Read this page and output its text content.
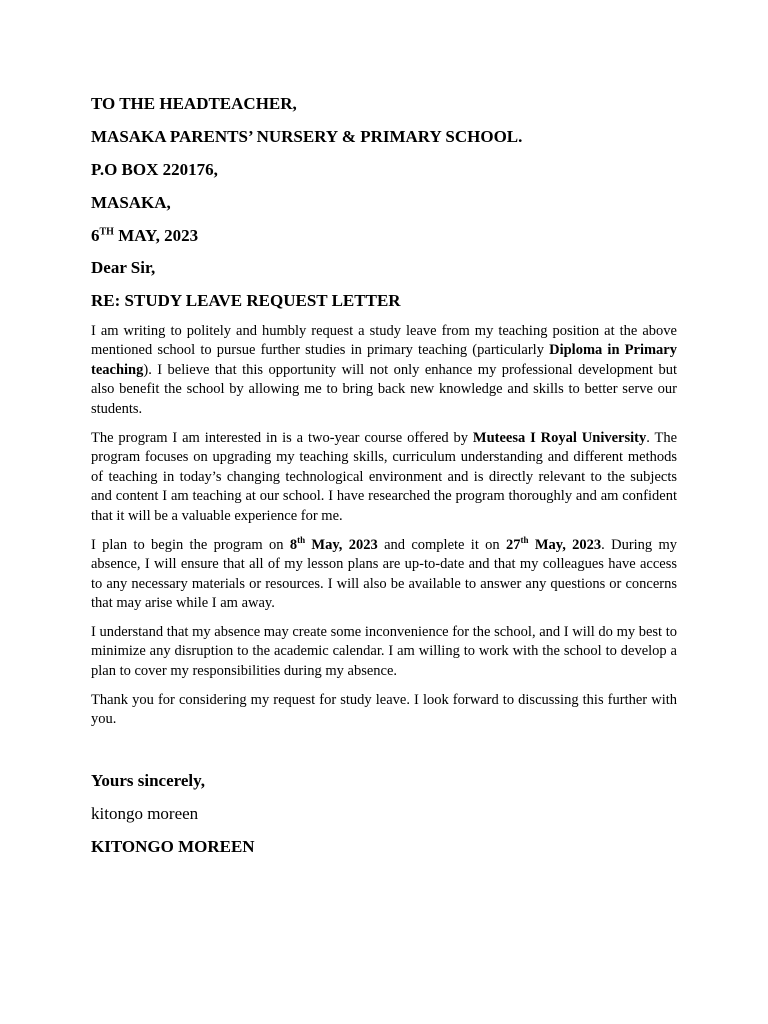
TO THE HEADTEACHER,
MASAKA PARENTS’ NURSERY & PRIMARY SCHOOL.
P.O BOX 220176,
MASAKA,
6TH MAY, 2023
Dear Sir,
RE: STUDY LEAVE REQUEST LETTER
I am writing to politely and humbly request a study leave from my teaching position at the above mentioned school to pursue further studies in primary teaching (particularly Diploma in Primary teaching). I believe that this opportunity will not only enhance my professional development but also benefit the school by allowing me to bring back new knowledge and skills to better serve our students.
The program I am interested in is a two-year course offered by Muteesa I Royal University. The program focuses on upgrading my teaching skills, curriculum understanding and different methods of teaching in today’s changing technological environment and is directly relevant to the subjects and content I am teaching at our school. I have researched the program thoroughly and am confident that it will be a valuable experience for me.
I plan to begin the program on 8th May, 2023 and complete it on 27th May, 2023. During my absence, I will ensure that all of my lesson plans are up-to-date and that my colleagues have access to any necessary materials or resources. I will also be available to answer any questions or concerns that may arise while I am away.
I understand that my absence may create some inconvenience for the school, and I will do my best to minimize any disruption to the academic calendar. I am willing to work with the school to develop a plan to cover my responsibilities during my absence.
Thank you for considering my request for study leave. I look forward to discussing this further with you.
Yours sincerely,
kitongo moreen
KITONGO MOREEN
